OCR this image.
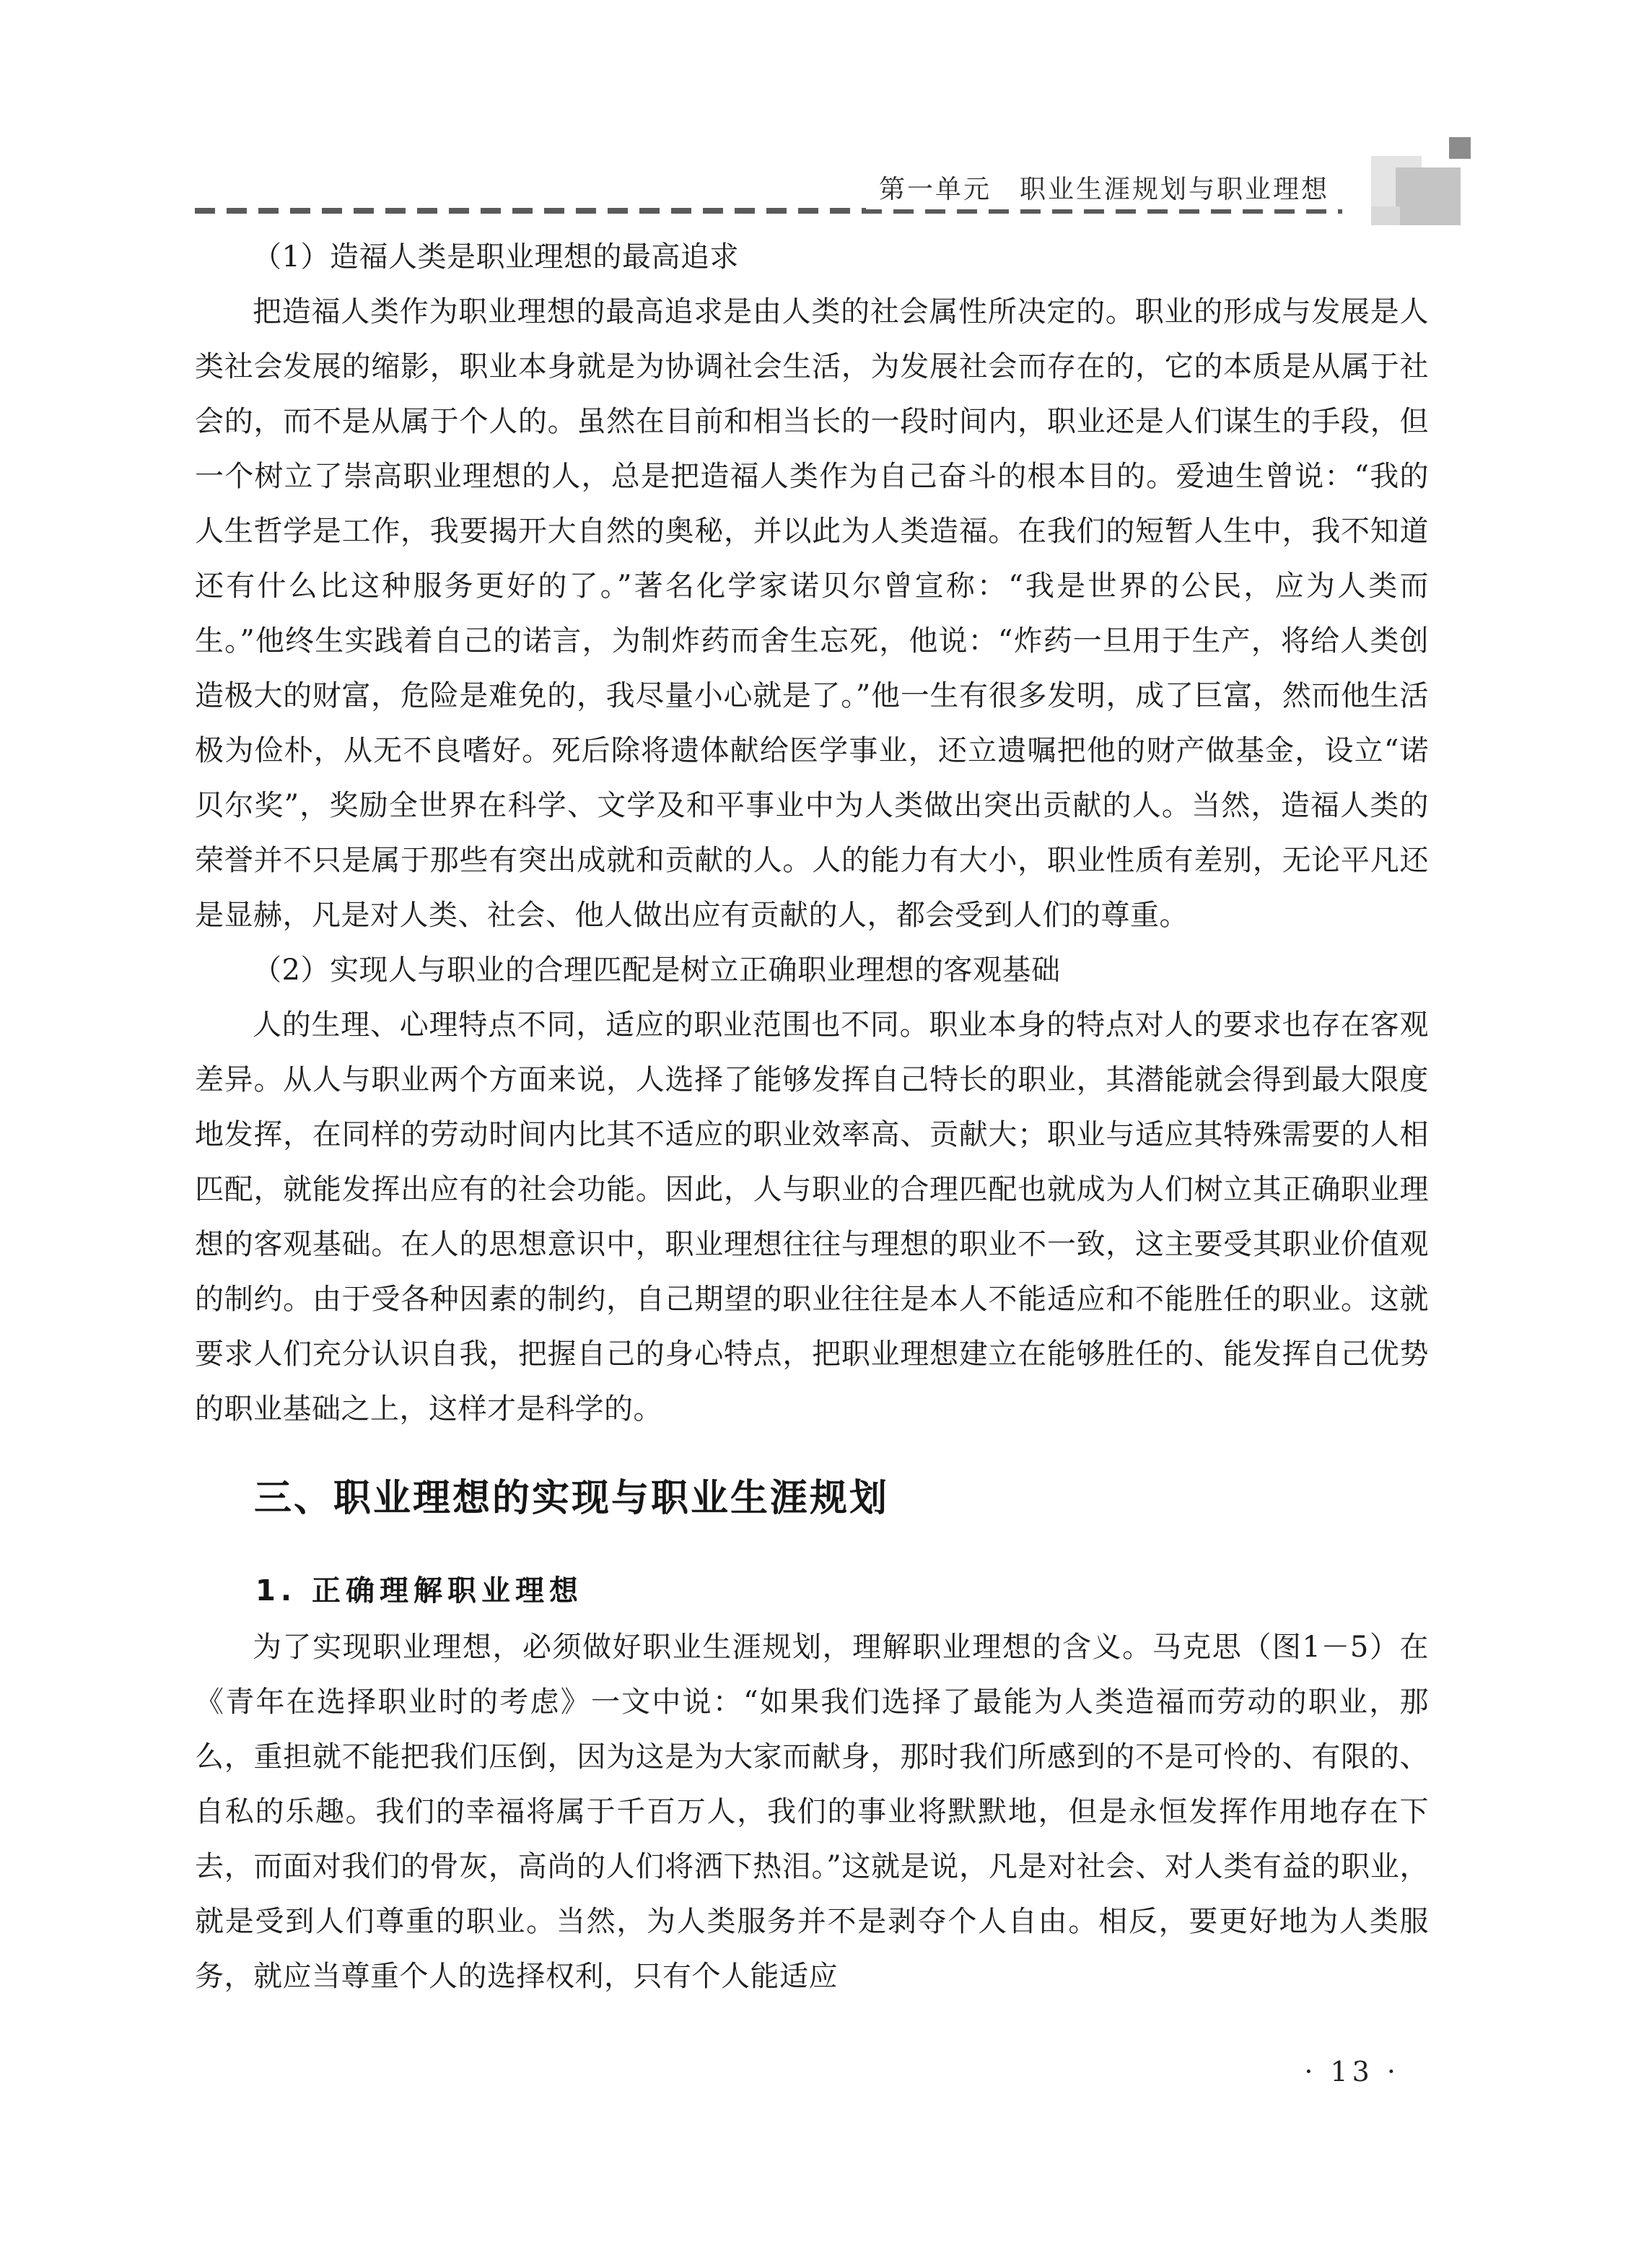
第一单元　职业生涯规划与职业理想

（1）造福人类是职业理想的最高追求

把造福人类作为职业理想的最高追求是由人类的社会属性所决定的。职业的形成与发展是人类社会发展的缩影，职业本身就是为协调社会生活，为发展社会而存在的，它的本质是从属于社会的，而不是从属于个人的。虽然在目前和相当长的一段时间内，职业还是人们谋生的手段，但一个树立了崇高职业理想的人，总是把造福人类作为自己奋斗的根本目的。爱迪生曾说：“我的人生哲学是工作，我要揭开大自然的奥秘，并以此为人类造福。在我们的短暂人生中，我不知道还有什么比这种服务更好的了。”著名化学家诺贝尔曾宣称：“我是世界的公民，应为人类而生。”他终生实践着自己的诺言，为制炸药而舍生忘死，他说：“炸药一旦用于生产，将给人类创造极大的财富，危险是难免的，我尽量小心就是了。”他一生有很多发明，成了巨富，然而他生活极为俭朴，从无不良嗜好。死后除将遗体献给医学事业，还立遗嘱把他的财产做基金，设立“诺贝尔奖”，奖励全世界在科学、文学及和平事业中为人类做出突出贡献的人。当然，造福人类的荣誉并不只是属于那些有突出成就和贡献的人。人的能力有大小，职业性质有差别，无论平凡还是显赫，凡是对人类、社会、他人做出应有贡献的人，都会受到人们的尊重。

（2）实现人与职业的合理匹配是树立正确职业理想的客观基础

人的生理、心理特点不同，适应的职业范围也不同。职业本身的特点对人的要求也存在客观差异。从人与职业两个方面来说，人选择了能够发挥自己特长的职业，其潜能就会得到最大限度地发挥，在同样的劳动时间内比其不适应的职业效率高、贡献大；职业与适应其特殊需要的人相匹配，就能发挥出应有的社会功能。因此，人与职业的合理匹配也就成为人们树立其正确职业理想的客观基础。在人的思想意识中，职业理想往往与理想的职业不一致，这主要受其职业价值观的制约。由于受各种因素的制约，自己期望的职业往往是本人不能适应和不能胜任的职业。这就要求人们充分认识自我，把握自己的身心特点，把职业理想建立在能够胜任的、能发挥自己优势的职业基础之上，这样才是科学的。

三、职业理想的实现与职业生涯规划
1. 正确理解职业理想

为了实现职业理想，必须做好职业生涯规划，理解职业理想的含义。马克思（图1－5）在《青年在选择职业时的考虑》一文中说：“如果我们选择了最能为人类造福而劳动的职业，那么，重担就不能把我们压倒，因为这是为大家而献身，那时我们所感到的不是可怜的、有限的、自私的乐趣。我们的幸福将属于千百万人，我们的事业将默默地，但是永恒发挥作用地存在下去，而面对我们的骨灰，高尚的人们将洒下热泪。”这就是说，凡是对社会、对人类有益的职业，就是受到人们尊重的职业。当然，为人类服务并不是剥夺个人自由。相反，要更好地为人类服务，就应当尊重个人的选择权利，只有个人能适应

· 13 ·
